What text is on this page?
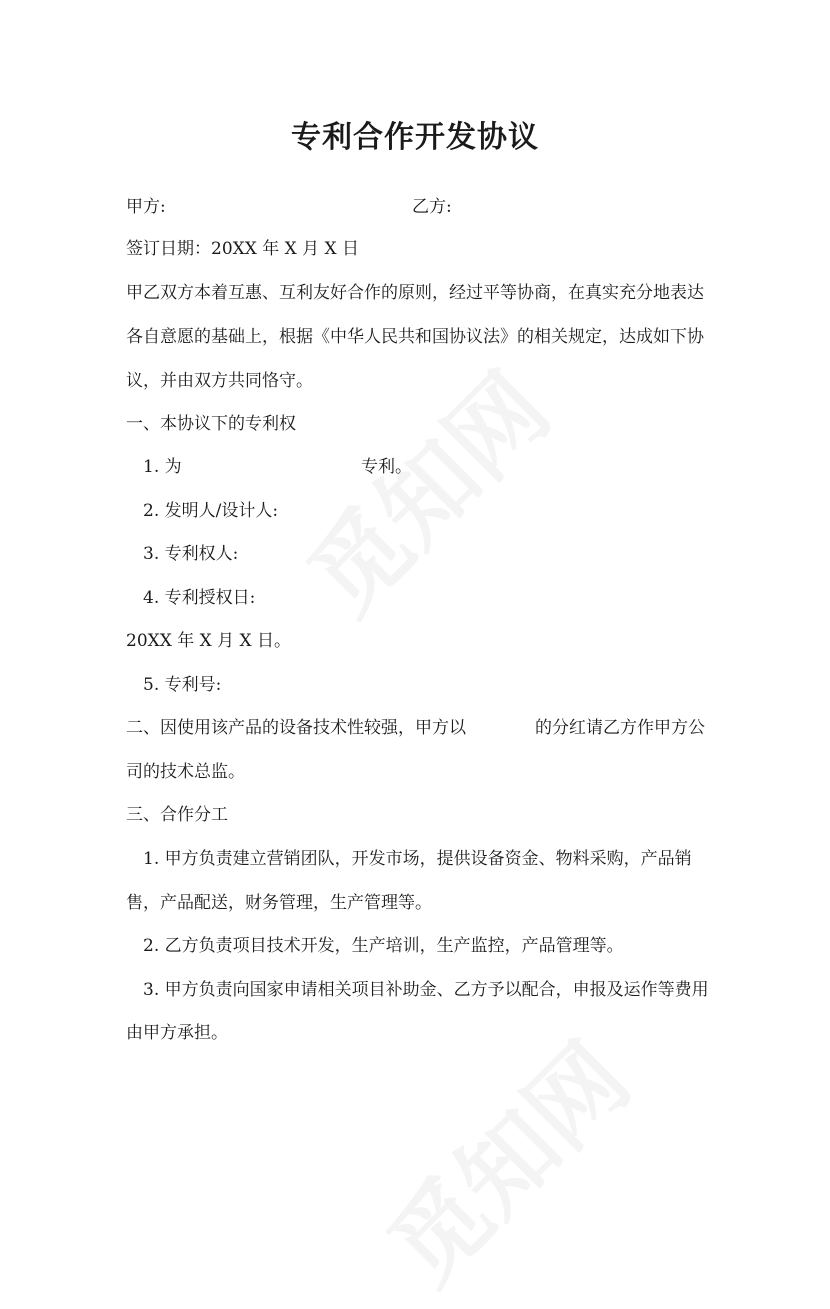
专利合作开发协议
甲方:	乙方:
签订日期：20XX 年 X 月 X 日
甲乙双方本着互惠、互利友好合作的原则，经过平等协商，在真实充分地表达
各自意愿的基础上，根据《中华人民共和国协议法》的相关规定，达成如下协
议，并由双方共同恪守。
一、本协议下的专利权
1. 为	专利。
2. 发明人/设计人:
3. 专利权人:
4. 专利授权日:
20XX 年 X 月 X 日。
5. 专利号:
二、因使用该产品的设备技术性较强，甲方以	的分红请乙方作甲方公
司的技术总监。
三、合作分工
1. 甲方负责建立营销团队，开发市场，提供设备资金、物料采购，产品销
售，产品配送，财务管理，生产管理等。
2. 乙方负责项目技术开发，生产培训，生产监控，产品管理等。
3. 甲方负责向国家申请相关项目补助金、乙方予以配合，申报及运作等费用
由甲方承担。
